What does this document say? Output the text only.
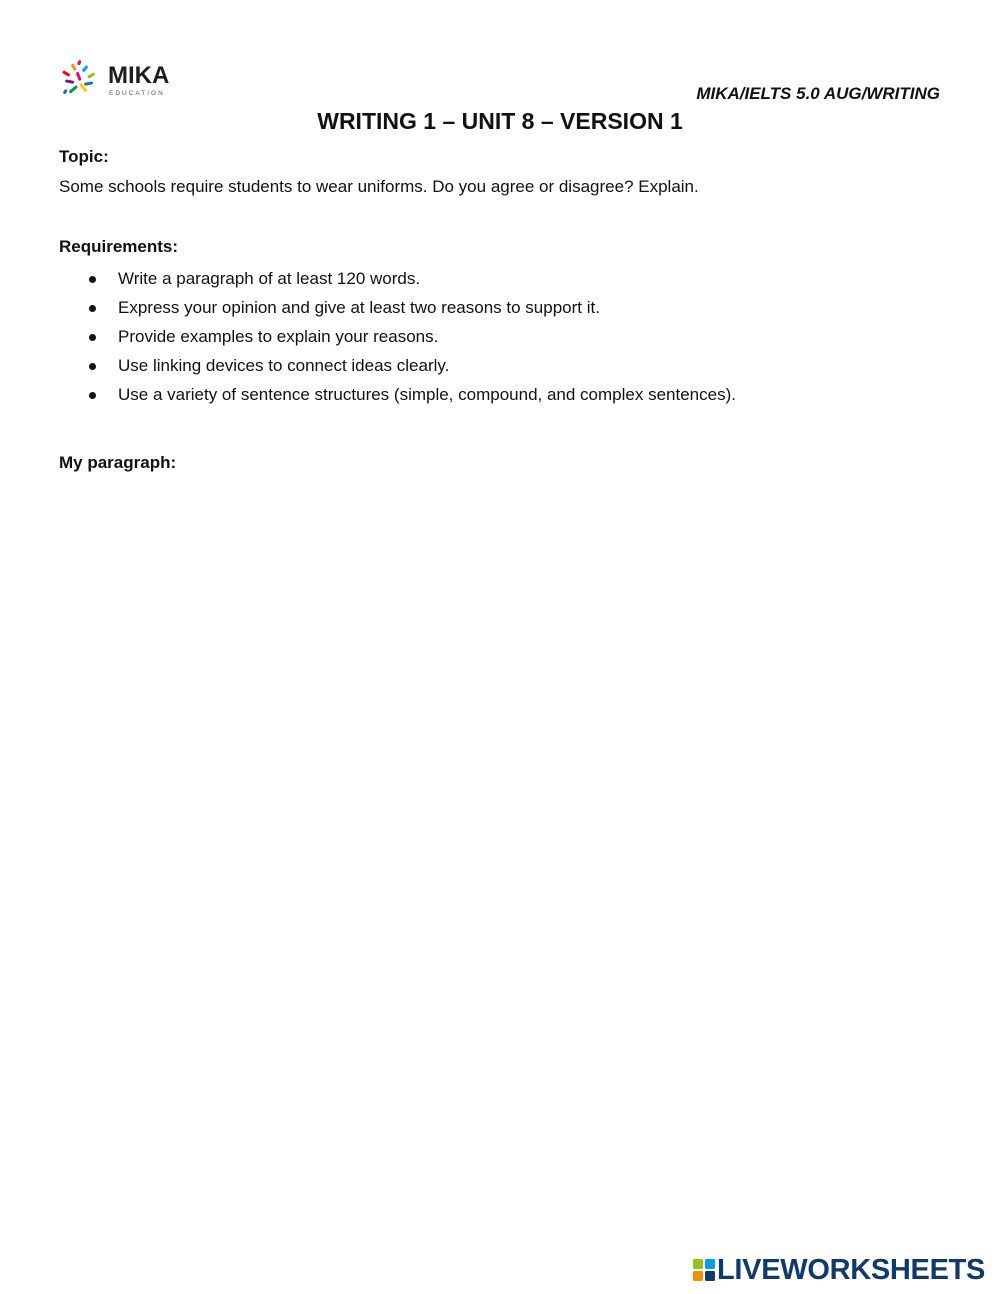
MIKA
EDUCATION	MIKA/IELTS 5.0 AUG/WRITING
WRITING 1 – UNIT 8 – VERSION 1
Topic:
Some schools require students to wear uniforms. Do you agree or disagree? Explain.
Requirements:
Write a paragraph of at least 120 words.
Express your opinion and give at least two reasons to support it.
Provide examples to explain your reasons.
Use linking devices to connect ideas clearly.
Use a variety of sentence structures (simple, compound, and complex sentences).
My paragraph:
LIVEWORKSHEETS
